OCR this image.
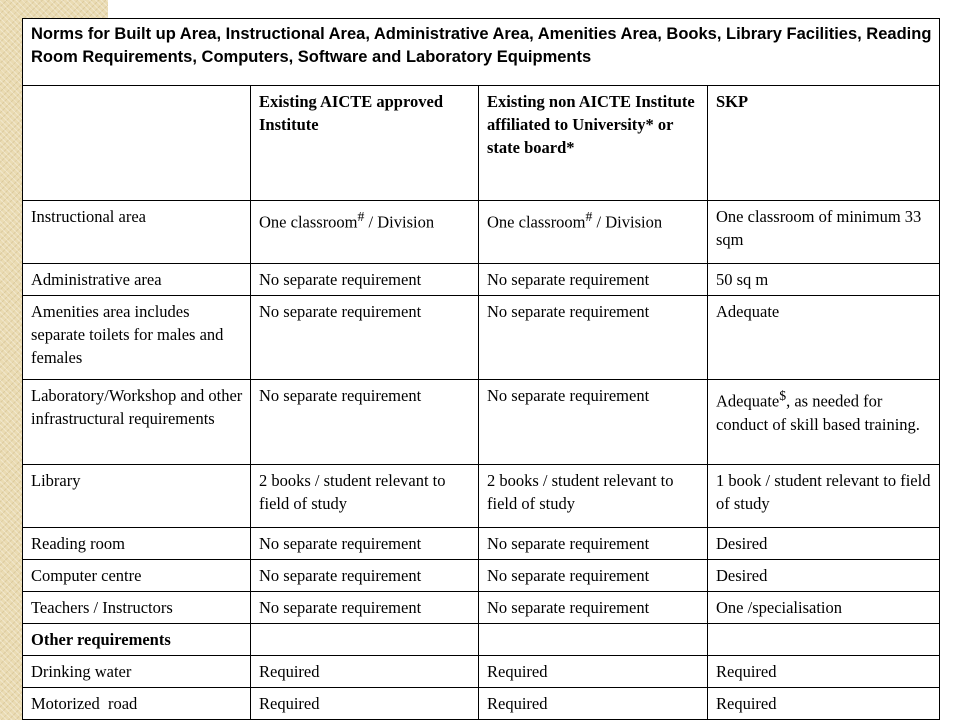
Norms for Built up Area, Instructional Area, Administrative Area, Amenities Area, Books, Library Facilities, Reading Room Requirements, Computers, Software and Laboratory Equipments			
	Existing AICTE approved Institute	Existing non AICTE Institute affiliated to University* or state board*	SKP
Instructional area	One classroom# / Division	One classroom# / Division	One classroom of minimum 33 sqm
Administrative area	No separate requirement	No separate requirement	50 sq m
Amenities area includes separate toilets for males and females	No separate requirement	No separate requirement	Adequate
Laboratory/Workshop and other infrastructural requirements	No separate requirement	No separate requirement	Adequate$, as needed for conduct of skill based training.
Library	2 books / student relevant to field of study	2 books / student relevant to field of study	1 book / student relevant to field of study
Reading room	No separate requirement	No separate requirement	Desired
Computer centre	No separate requirement	No separate requirement	Desired
Teachers / Instructors	No separate requirement	No separate requirement	One /specialisation
Other requirements			
Drinking water	Required	Required	Required
Motorized  road	Required	Required	Required
